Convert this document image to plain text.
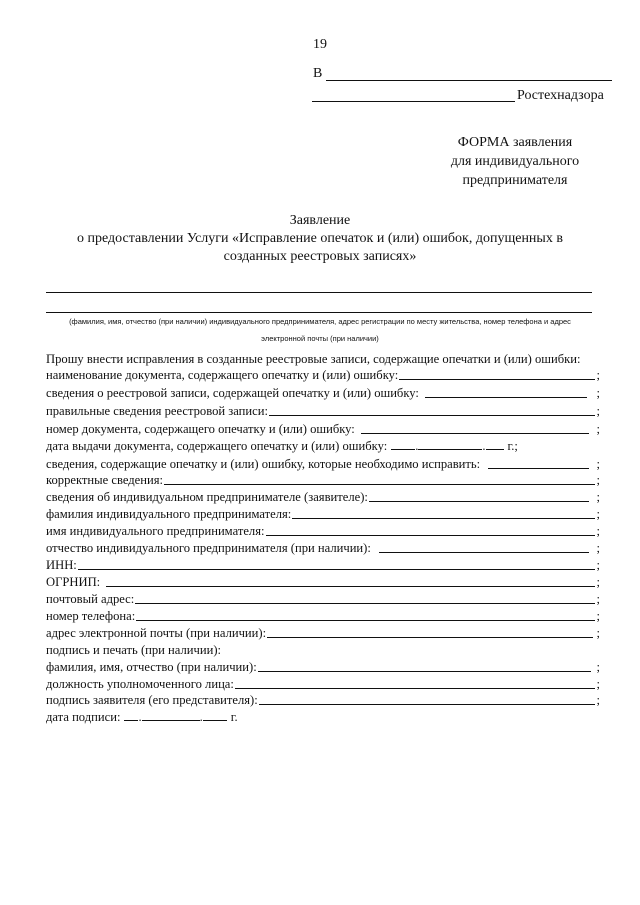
19
В
Ростехнадзора
ФОРМА заявления
для индивидуального
предпринимателя
Заявление
о предоставлении Услуги «Исправление опечаток и (или) ошибок, допущенных в созданных реестровых записях»
(фамилия, имя, отчество (при наличии) индивидуального предпринимателя, адрес регистрации по месту жительства, номер телефона и адрес электронной почты (при наличии)
Прошу внести исправления в созданные реестровые записи, содержащие опечатки и (или) ошибки:
наименование документа, содержащего опечатку и (или) ошибку:	;
сведения о реестровой записи, содержащей опечатку и (или) ошибку:	;
правильные сведения реестровой записи:	;
номер документа, содержащего опечатку и (или) ошибку:	;
дата выдачи документа, содержащего опечатку и (или) ошибку:	.	.	г.;
сведения, содержащие опечатку и (или) ошибку, которые необходимо исправить:	;
корректные сведения:	;
сведения об индивидуальном предпринимателе (заявителе):	;
фамилия индивидуального предпринимателя:	;
имя индивидуального предпринимателя:	;
отчество индивидуального предпринимателя (при наличии):	;
ИНН:	;
ОГРНИП:	;
почтовый адрес:	;
номер телефона:	;
адрес электронной почты (при наличии):	;
подпись и печать (при наличии):
фамилия, имя, отчество (при наличии):	;
должность уполномоченного лица:	;
подпись заявителя (его представителя):	;
дата подписи:	.	.	г.
